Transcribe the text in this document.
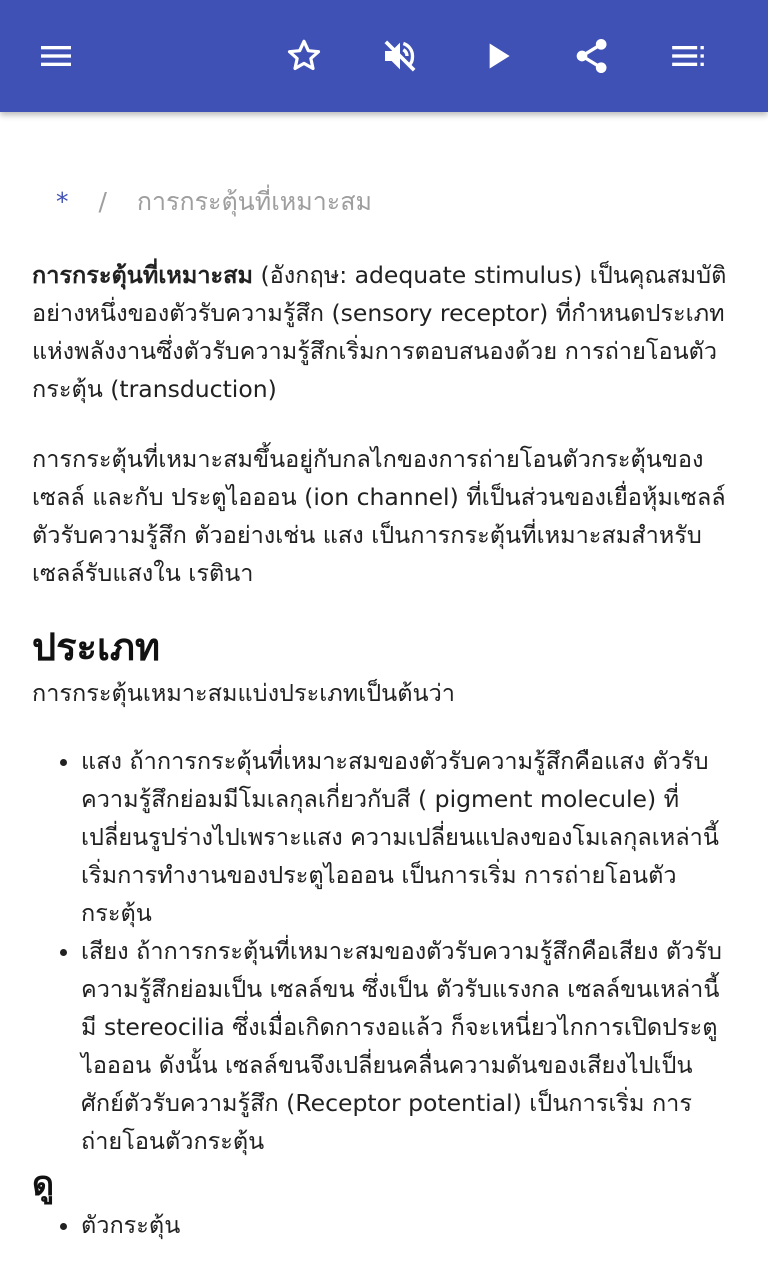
* / การกระตุ้นที่เหมาะสม

การกระตุ้นที่เหมาะสม (อังกฤษ: adequate stimulus) เป็นคุณสมบัติอย่างหนึ่งของตัวรับความรู้สึก (sensory receptor) ที่กำหนดประเภทแห่งพลังงานซึ่งตัวรับความรู้สึกเริ่มการตอบสนองด้วย การถ่ายโอนตัวกระตุ้น (transduction)

การกระตุ้นที่เหมาะสมขึ้นอยู่กับกลไกของการถ่ายโอนตัวกระตุ้นของเซลล์ และกับ ประตูไอออน (ion channel) ที่เป็นส่วนของเยื่อหุ้มเซลล์ตัวรับความรู้สึก ตัวอย่างเช่น แสง เป็นการกระตุ้นที่เหมาะสมสำหรับเซลล์รับแสงใน เรตินา

ประเภท
การกระตุ้นเหมาะสมแบ่งประเภทเป็นต้นว่า
• แสง ถ้าการกระตุ้นที่เหมาะสมของตัวรับความรู้สึกคือแสง ตัวรับความรู้สึกย่อมมีโมเลกุลเกี่ยวกับสี ( pigment molecule) ที่เปลี่ยนรูปร่างไปเพราะแสง ความเปลี่ยนแปลงของโมเลกุลเหล่านี้เริ่มการทำงานของประตูไอออน เป็นการเริ่ม การถ่ายโอนตัวกระตุ้น
• เสียง ถ้าการกระตุ้นที่เหมาะสมของตัวรับความรู้สึกคือเสียง ตัวรับความรู้สึกย่อมเป็น เซลล์ขน ซึ่งเป็น ตัวรับแรงกล เซลล์ขนเหล่านี้มี stereocilia ซึ่งเมื่อเกิดการงอแล้ว ก็จะเหนี่ยวไกการเปิดประตูไอออน ดังนั้น เซลล์ขนจึงเปลี่ยนคลื่นความดันของเสียงไปเป็น ศักย์ตัวรับความรู้สึก (Receptor potential) เป็นการเริ่ม การถ่ายโอนตัวกระตุ้น
ดู
• ตัวกระตุ้น
